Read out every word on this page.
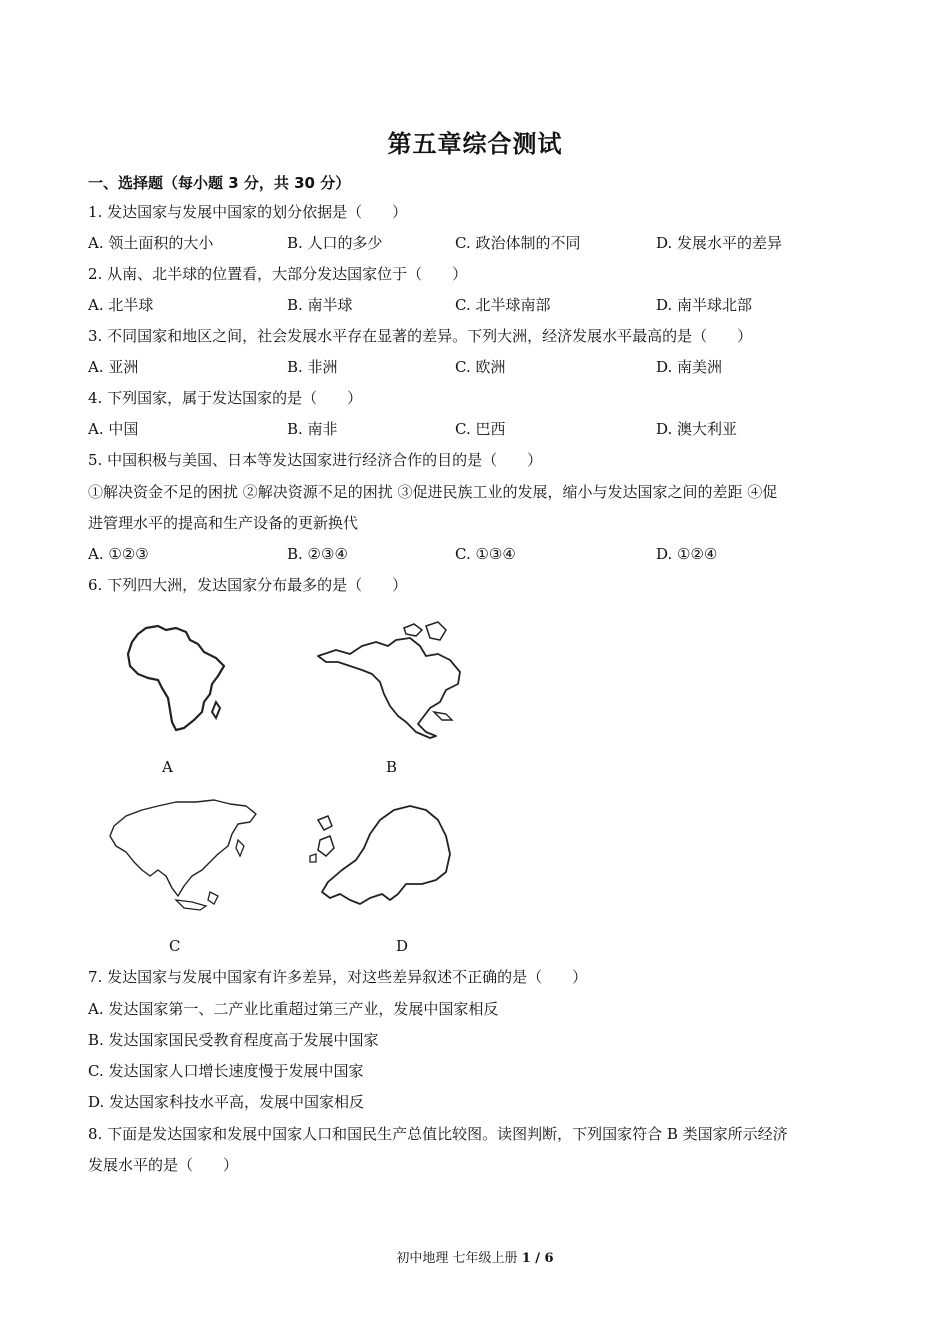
第五章综合测试
一、选择题（每小题 3 分，共 30 分）
1. 发达国家与发展中国家的划分依据是（　　）
A. 领土面积的大小	B. 人口的多少	C. 政治体制的不同	D. 发展水平的差异
2. 从南、北半球的位置看，大部分发达国家位于（　　）
A. 北半球	B. 南半球	C. 北半球南部	D. 南半球北部
3. 不同国家和地区之间，社会发展水平存在显著的差异。下列大洲，经济发展水平最高的是（　　）
A. 亚洲	B. 非洲	C. 欧洲	D. 南美洲
4. 下列国家，属于发达国家的是（　　）
A. 中国	B. 南非	C. 巴西	D. 澳大利亚
5. 中国积极与美国、日本等发达国家进行经济合作的目的是（　　）
①解决资金不足的困扰 ②解决资源不足的困扰 ③促进民族工业的发展，缩小与发达国家之间的差距 ④促
进管理水平的提高和生产设备的更新换代
A. ①②③	B. ②③④	C. ①③④	D. ①②④
6. 下列四大洲，发达国家分布最多的是（　　）
A	B
C	D
7. 发达国家与发展中国家有许多差异，对这些差异叙述不正确的是（　　）
A. 发达国家第一、二产业比重超过第三产业，发展中国家相反
B. 发达国家国民受教育程度高于发展中国家
C. 发达国家人口增长速度慢于发展中国家
D. 发达国家科技水平高，发展中国家相反
8. 下面是发达国家和发展中国家人口和国民生产总值比较图。读图判断，下列国家符合 B 类国家所示经济
发展水平的是（　　）
初中地理 七年级上册 1 / 6
